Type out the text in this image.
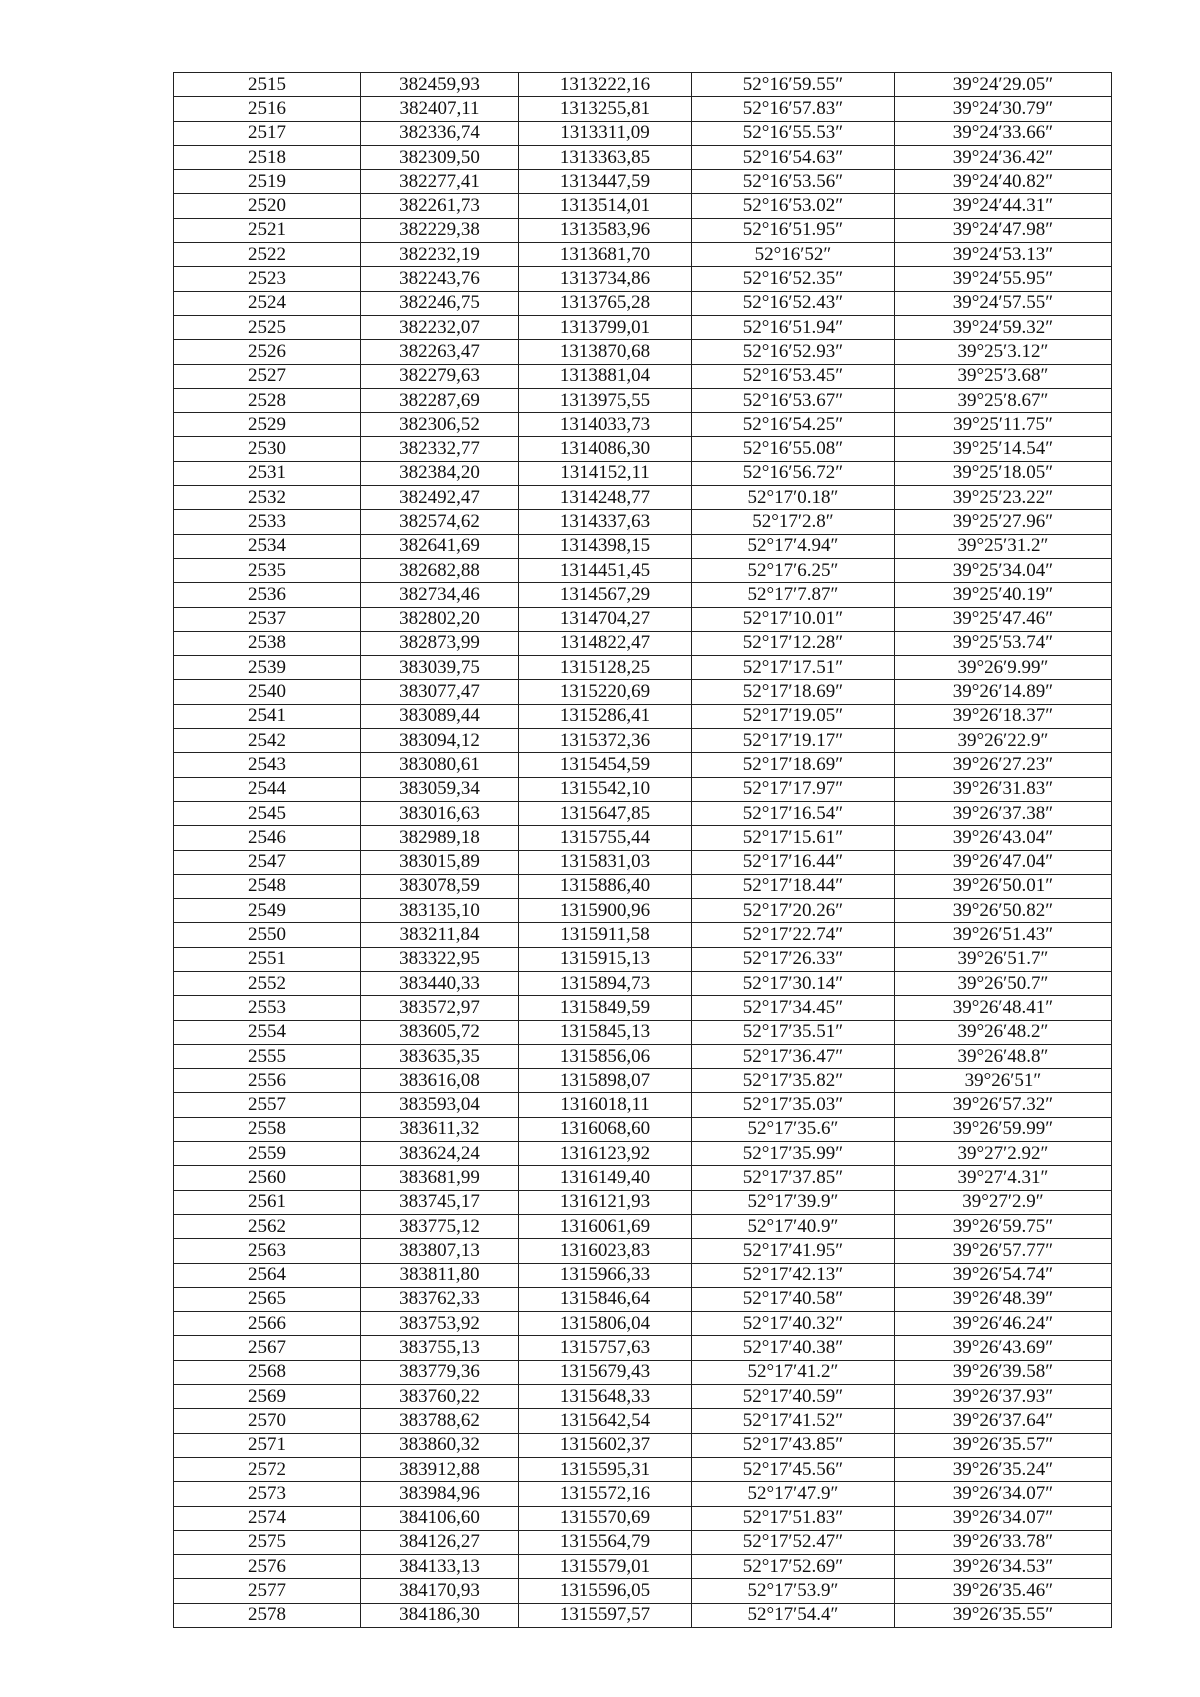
2515	382459,93	1313222,16	52°16′59.55″	39°24′29.05″
2516	382407,11	1313255,81	52°16′57.83″	39°24′30.79″
2517	382336,74	1313311,09	52°16′55.53″	39°24′33.66″
2518	382309,50	1313363,85	52°16′54.63″	39°24′36.42″
2519	382277,41	1313447,59	52°16′53.56″	39°24′40.82″
2520	382261,73	1313514,01	52°16′53.02″	39°24′44.31″
2521	382229,38	1313583,96	52°16′51.95″	39°24′47.98″
2522	382232,19	1313681,70	52°16′52″	39°24′53.13″
2523	382243,76	1313734,86	52°16′52.35″	39°24′55.95″
2524	382246,75	1313765,28	52°16′52.43″	39°24′57.55″
2525	382232,07	1313799,01	52°16′51.94″	39°24′59.32″
2526	382263,47	1313870,68	52°16′52.93″	39°25′3.12″
2527	382279,63	1313881,04	52°16′53.45″	39°25′3.68″
2528	382287,69	1313975,55	52°16′53.67″	39°25′8.67″
2529	382306,52	1314033,73	52°16′54.25″	39°25′11.75″
2530	382332,77	1314086,30	52°16′55.08″	39°25′14.54″
2531	382384,20	1314152,11	52°16′56.72″	39°25′18.05″
2532	382492,47	1314248,77	52°17′0.18″	39°25′23.22″
2533	382574,62	1314337,63	52°17′2.8″	39°25′27.96″
2534	382641,69	1314398,15	52°17′4.94″	39°25′31.2″
2535	382682,88	1314451,45	52°17′6.25″	39°25′34.04″
2536	382734,46	1314567,29	52°17′7.87″	39°25′40.19″
2537	382802,20	1314704,27	52°17′10.01″	39°25′47.46″
2538	382873,99	1314822,47	52°17′12.28″	39°25′53.74″
2539	383039,75	1315128,25	52°17′17.51″	39°26′9.99″
2540	383077,47	1315220,69	52°17′18.69″	39°26′14.89″
2541	383089,44	1315286,41	52°17′19.05″	39°26′18.37″
2542	383094,12	1315372,36	52°17′19.17″	39°26′22.9″
2543	383080,61	1315454,59	52°17′18.69″	39°26′27.23″
2544	383059,34	1315542,10	52°17′17.97″	39°26′31.83″
2545	383016,63	1315647,85	52°17′16.54″	39°26′37.38″
2546	382989,18	1315755,44	52°17′15.61″	39°26′43.04″
2547	383015,89	1315831,03	52°17′16.44″	39°26′47.04″
2548	383078,59	1315886,40	52°17′18.44″	39°26′50.01″
2549	383135,10	1315900,96	52°17′20.26″	39°26′50.82″
2550	383211,84	1315911,58	52°17′22.74″	39°26′51.43″
2551	383322,95	1315915,13	52°17′26.33″	39°26′51.7″
2552	383440,33	1315894,73	52°17′30.14″	39°26′50.7″
2553	383572,97	1315849,59	52°17′34.45″	39°26′48.41″
2554	383605,72	1315845,13	52°17′35.51″	39°26′48.2″
2555	383635,35	1315856,06	52°17′36.47″	39°26′48.8″
2556	383616,08	1315898,07	52°17′35.82″	39°26′51″
2557	383593,04	1316018,11	52°17′35.03″	39°26′57.32″
2558	383611,32	1316068,60	52°17′35.6″	39°26′59.99″
2559	383624,24	1316123,92	52°17′35.99″	39°27′2.92″
2560	383681,99	1316149,40	52°17′37.85″	39°27′4.31″
2561	383745,17	1316121,93	52°17′39.9″	39°27′2.9″
2562	383775,12	1316061,69	52°17′40.9″	39°26′59.75″
2563	383807,13	1316023,83	52°17′41.95″	39°26′57.77″
2564	383811,80	1315966,33	52°17′42.13″	39°26′54.74″
2565	383762,33	1315846,64	52°17′40.58″	39°26′48.39″
2566	383753,92	1315806,04	52°17′40.32″	39°26′46.24″
2567	383755,13	1315757,63	52°17′40.38″	39°26′43.69″
2568	383779,36	1315679,43	52°17′41.2″	39°26′39.58″
2569	383760,22	1315648,33	52°17′40.59″	39°26′37.93″
2570	383788,62	1315642,54	52°17′41.52″	39°26′37.64″
2571	383860,32	1315602,37	52°17′43.85″	39°26′35.57″
2572	383912,88	1315595,31	52°17′45.56″	39°26′35.24″
2573	383984,96	1315572,16	52°17′47.9″	39°26′34.07″
2574	384106,60	1315570,69	52°17′51.83″	39°26′34.07″
2575	384126,27	1315564,79	52°17′52.47″	39°26′33.78″
2576	384133,13	1315579,01	52°17′52.69″	39°26′34.53″
2577	384170,93	1315596,05	52°17′53.9″	39°26′35.46″
2578	384186,30	1315597,57	52°17′54.4″	39°26′35.55″
